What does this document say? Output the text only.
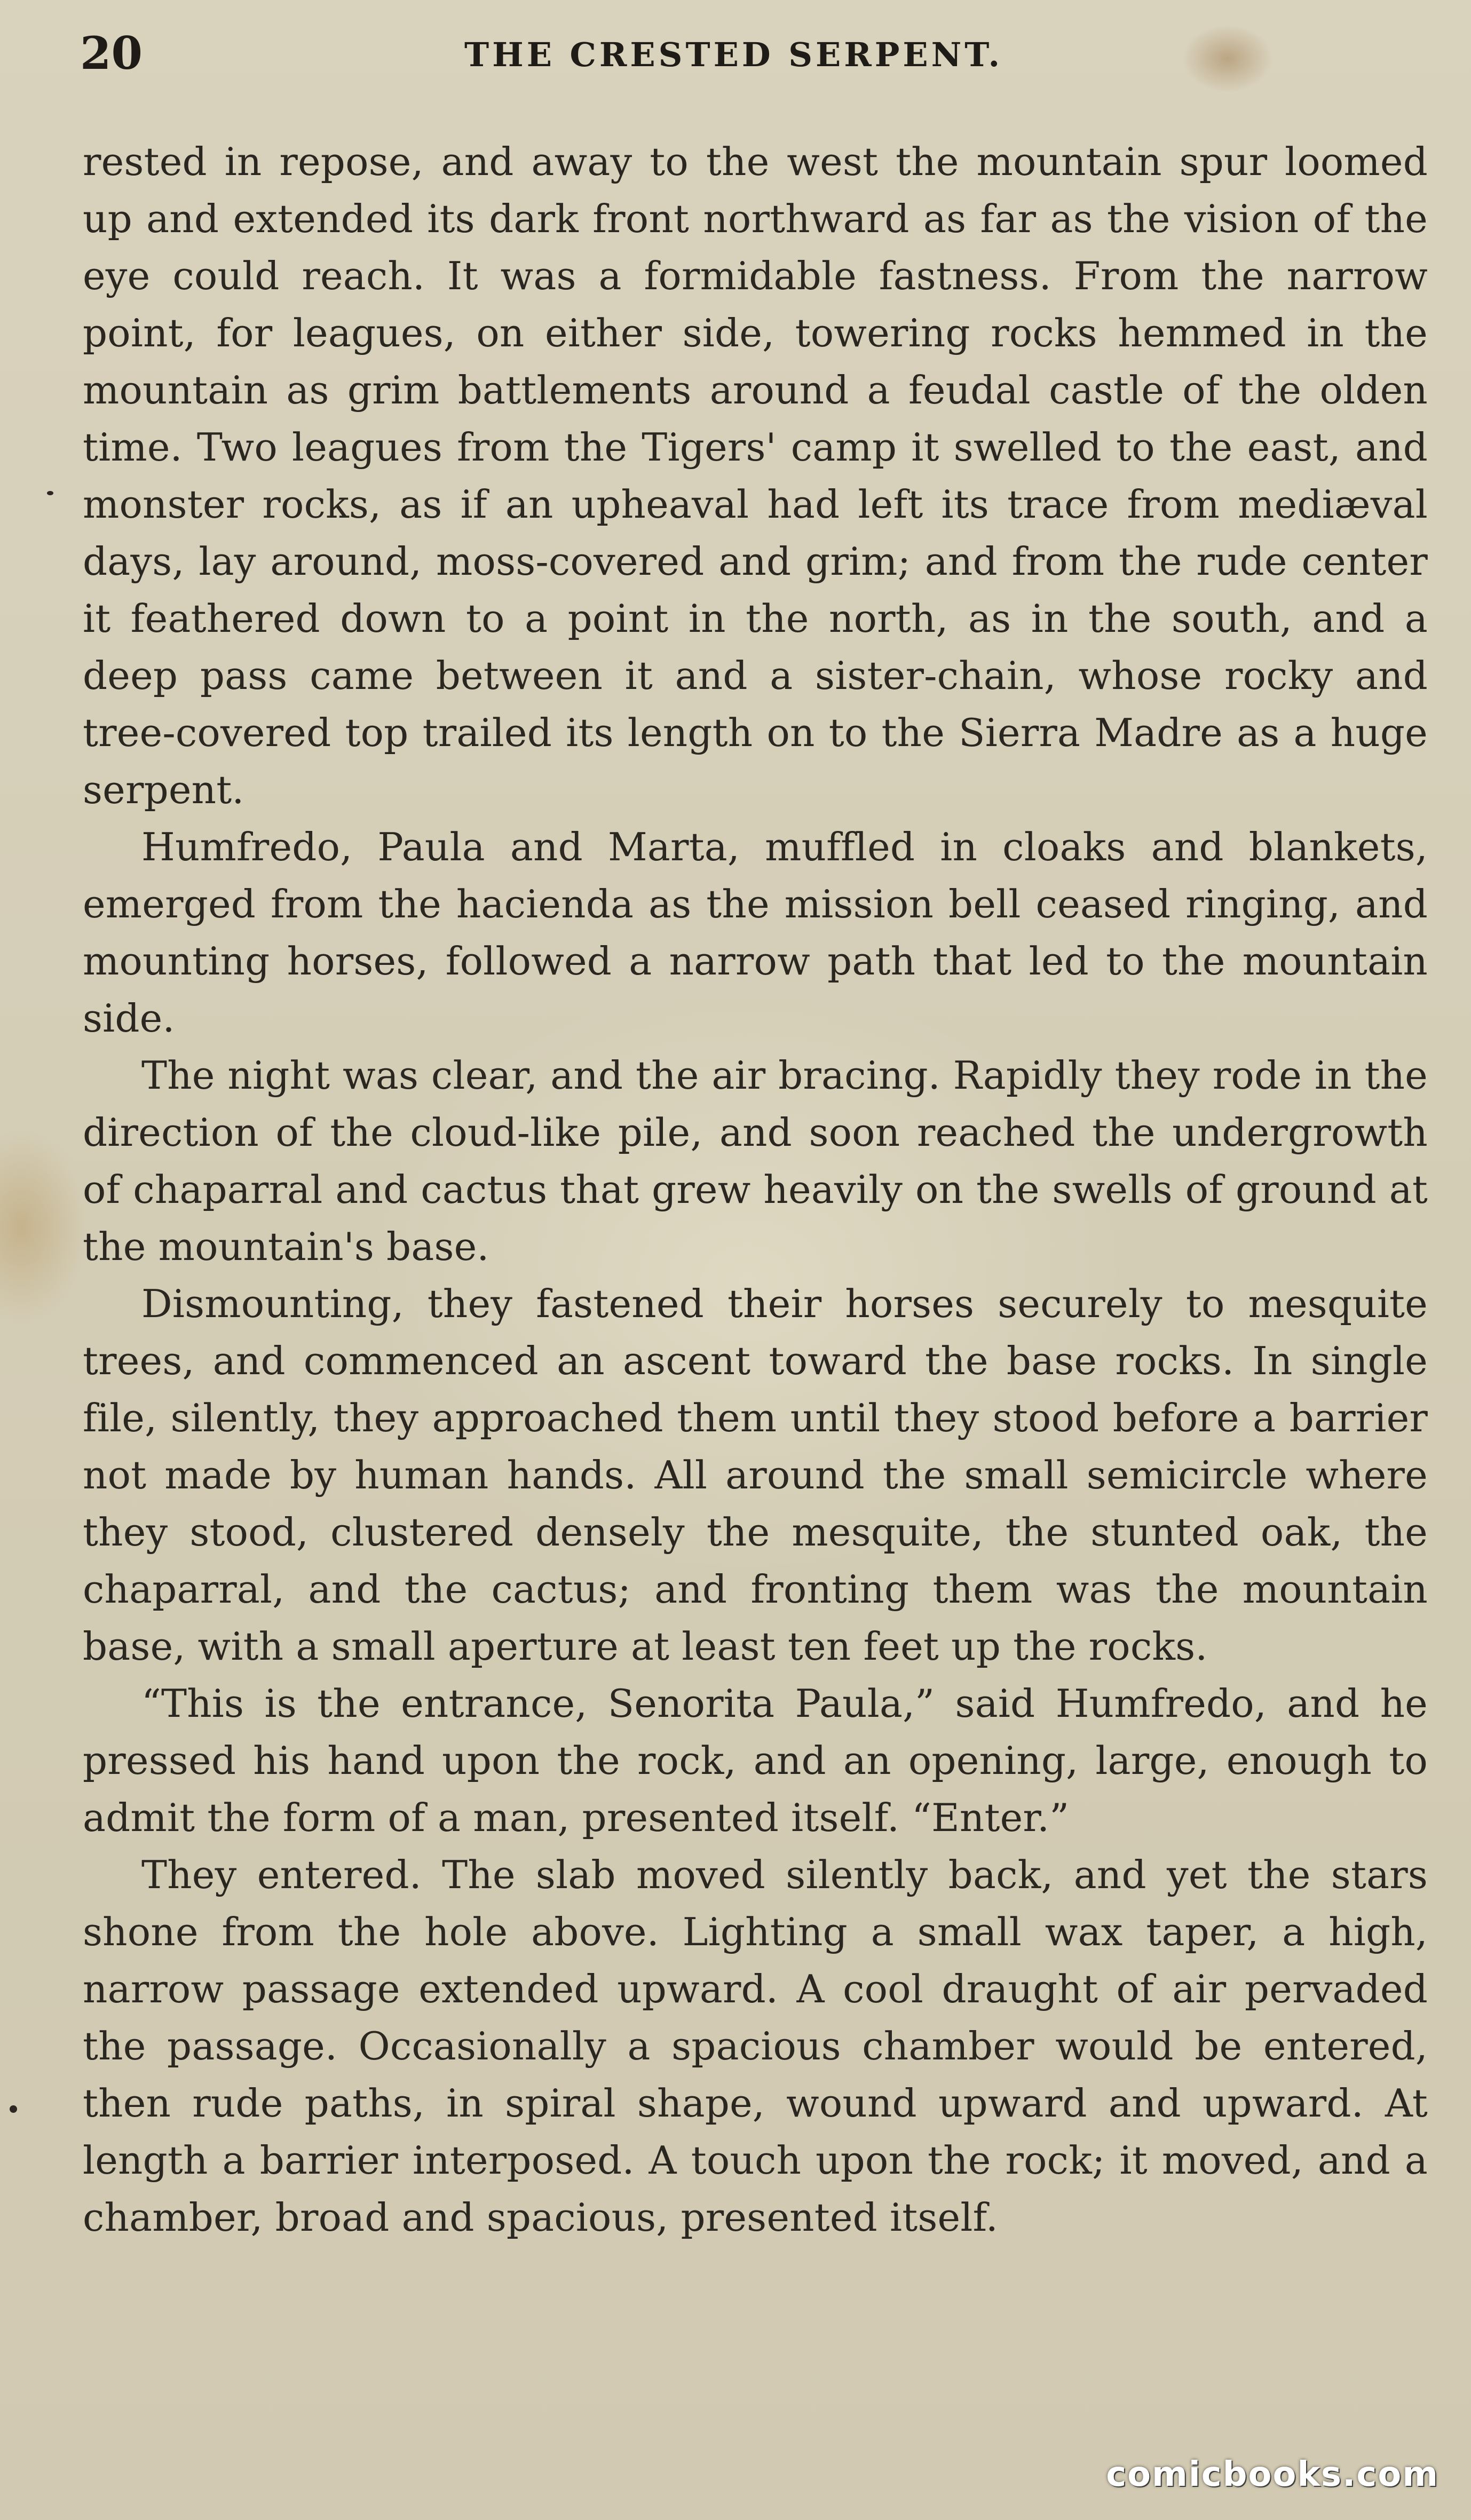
20	THE CRESTED SERPENT.

rested in repose, and away to the west the mountain spur loomed up and extended its dark front northward as far as the vision of the eye could reach. It was a formidable fastness. From the narrow point, for leagues, on either side, towering rocks hemmed in the mountain as grim battlements around a feudal castle of the olden time. Two leagues from the Tigers' camp it swelled to the east, and monster rocks, as if an upheaval had left its trace from mediæval days, lay around, moss-covered and grim; and from the rude center it feathered down to a point in the north, as in the south, and a deep pass came between it and a sister-chain, whose rocky and tree-covered top trailed its length on to the Sierra Madre as a huge serpent.

Humfredo, Paula and Marta, muffled in cloaks and blankets, emerged from the hacienda as the mission bell ceased ringing, and mounting horses, followed a narrow path that led to the mountain side.

The night was clear, and the air bracing. Rapidly they rode in the direction of the cloud-like pile, and soon reached the undergrowth of chaparral and cactus that grew heavily on the swells of ground at the mountain's base.

Dismounting, they fastened their horses securely to mesquite trees, and commenced an ascent toward the base rocks. In single file, silently, they approached them until they stood before a barrier not made by human hands. All around the small semicircle where they stood, clustered densely the mesquite, the stunted oak, the chaparral, and the cactus; and fronting them was the mountain base, with a small aperture at least ten feet up the rocks.

“This is the entrance, Senorita Paula,” said Humfredo, and he pressed his hand upon the rock, and an opening, large, enough to admit the form of a man, presented itself. “Enter.”

They entered. The slab moved silently back, and yet the stars shone from the hole above. Lighting a small wax taper, a high, narrow passage extended upward. A cool draught of air pervaded the passage. Occasionally a spacious chamber would be entered, then rude paths, in spiral shape, wound upward and upward. At length a barrier interposed. A touch upon the rock; it moved, and a chamber, broad and spacious, presented itself.

comicbooks.com
